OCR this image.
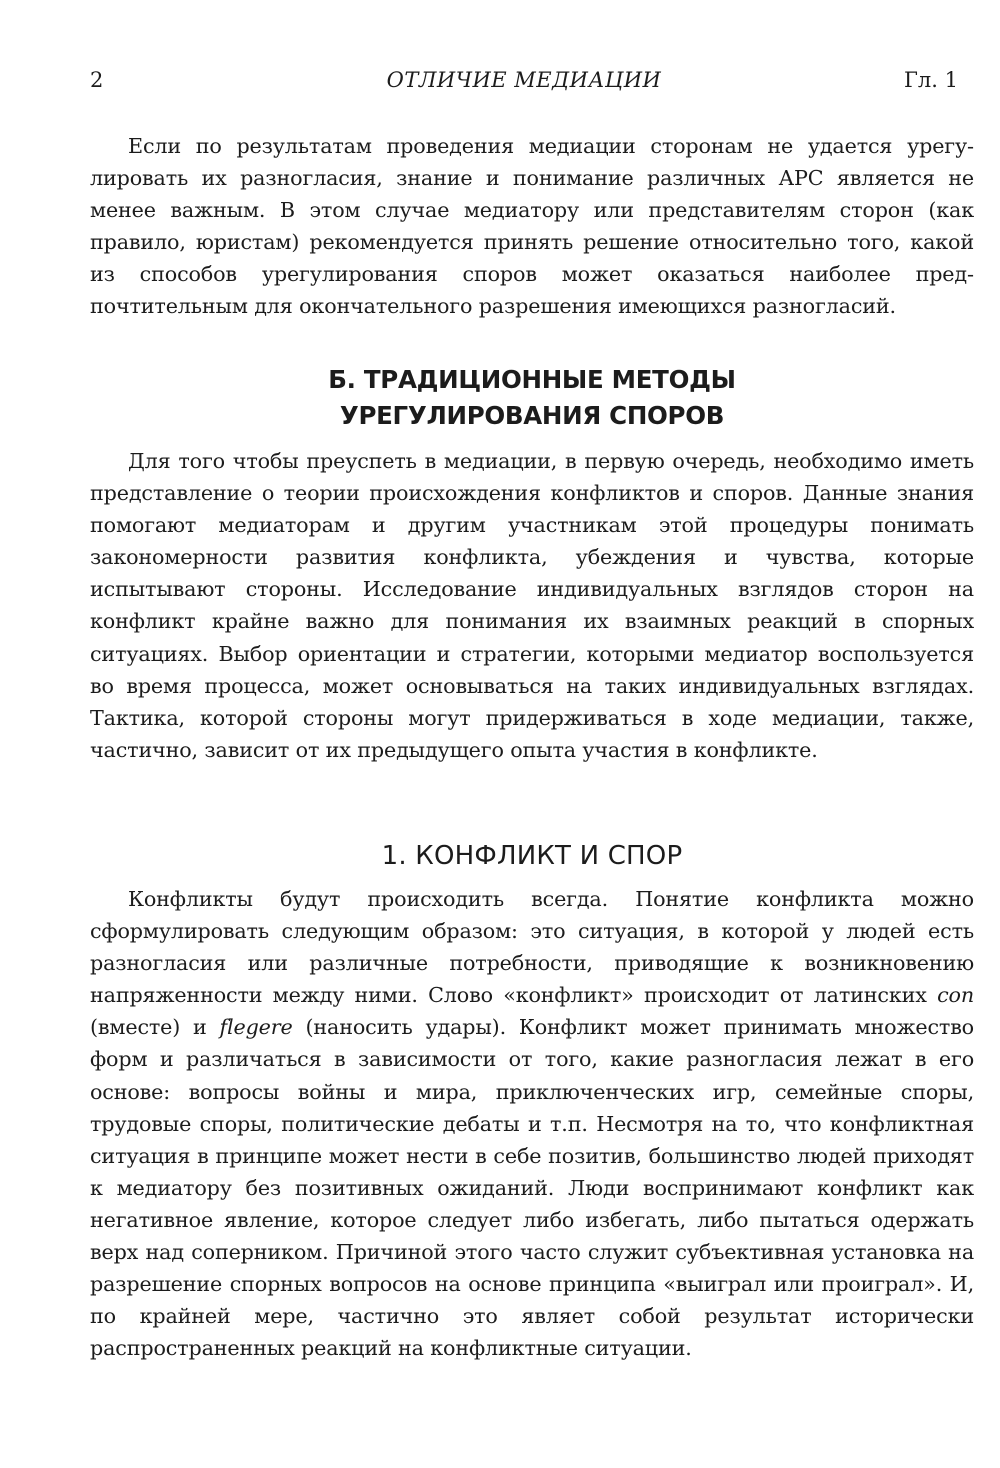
2	ОТЛИЧИЕ МЕДИАЦИИ	Гл. 1

Если по результатам проведения медиации сторонам не удается урегулировать их разногласия, знание и понимание различных АРС является не менее важным. В этом случае медиатору или представителям сторон (как правило, юристам) рекомендуется принять решение относительно того, какой из способов урегулирования споров может оказаться наиболее предпочтительным для окончательного разрешения имеющихся разногласий.

Б. ТРАДИЦИОННЫЕ МЕТОДЫ
УРЕГУЛИРОВАНИЯ СПОРОВ

Для того чтобы преуспеть в медиации, в первую очередь, необходимо иметь представление о теории происхождения конфликтов и споров. Данные знания помогают медиаторам и другим участникам этой процедуры понимать закономерности развития конфликта, убеждения и чувства, которые испытывают стороны. Исследование индивидуальных взглядов сторон на конфликт крайне важно для понимания их взаимных реакций в спорных ситуациях. Выбор ориентации и стратегии, которыми медиатор воспользуется во время процесса, может основываться на таких индивидуальных взглядах. Тактика, которой стороны могут придерживаться в ходе медиации, также, частично, зависит от их предыдущего опыта участия в конфликте.

1. КОНФЛИКТ И СПОР

Конфликты будут происходить всегда. Понятие конфликта можно сформулировать следующим образом: это ситуация, в которой у людей есть разногласия или различные потребности, приводящие к возникновению напряженности между ними. Слово «конфликт» происходит от латинских con (вместе) и flegere (наносить удары). Конфликт может принимать множество форм и различаться в зависимости от того, какие разногласия лежат в его основе: вопросы войны и мира, приключенческих игр, семейные споры, трудовые споры, политические дебаты и т.п. Несмотря на то, что конфликтная ситуация в принципе может нести в себе позитив, большинство людей приходят к медиатору без позитивных ожиданий. Люди воспринимают конфликт как негативное явление, которое следует либо избегать, либо пытаться одержать верх над соперником. Причиной этого часто служит субъективная установка на разрешение спорных вопросов на основе принципа «выиграл или проиграл». И, по крайней мере, частично это являет собой результат исторически распространенных реакций на конфликтные ситуации.
